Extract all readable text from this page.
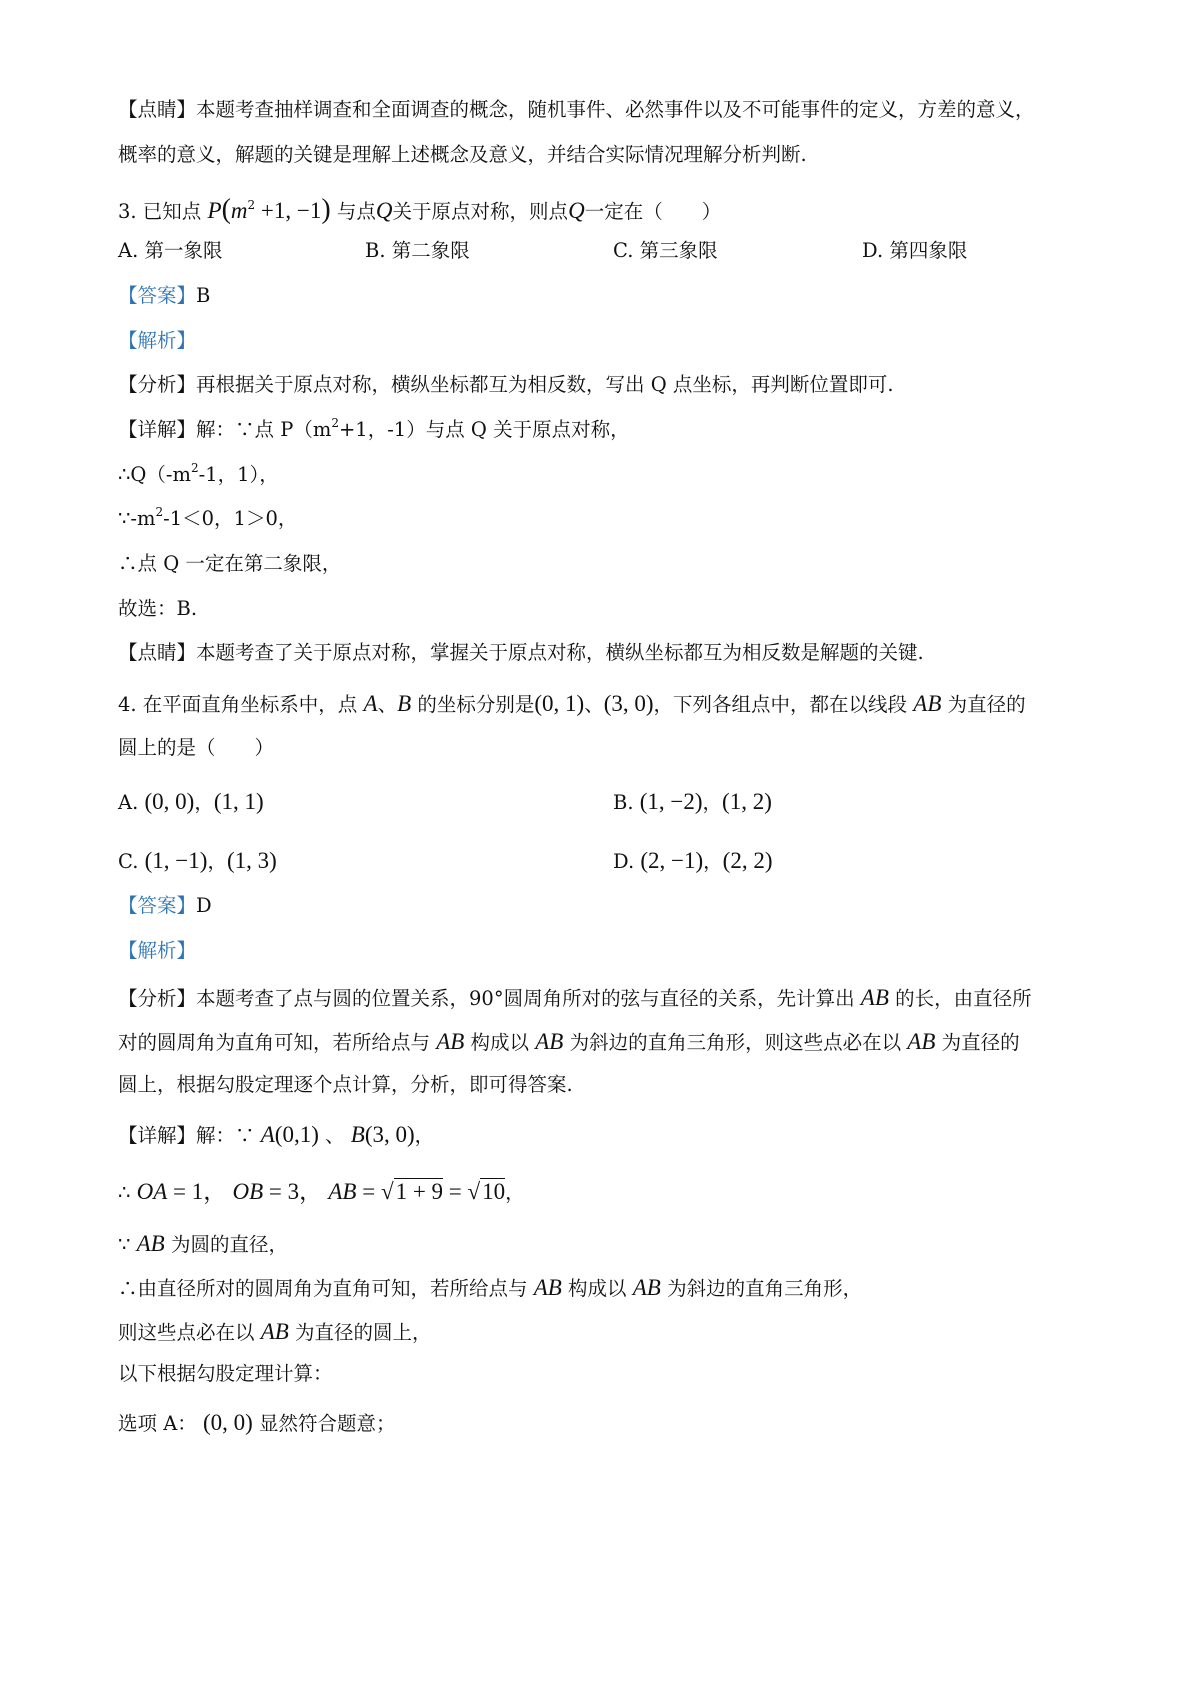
【点睛】本题考查抽样调查和全面调查的概念，随机事件、必然事件以及不可能事件的定义，方差的意义，
概率的意义，解题的关键是理解上述概念及意义，并结合实际情况理解分析判断.
3. 已知点 $P(m^2 +1$, −1) 与点Q关于原点对称，则点Q一定在（　　）
A. 第一象限	B. 第二象限	C. 第三象限	D. 第四象限
【答案】B
【解析】
【分析】再根据关于原点对称，横纵坐标都互为相反数，写出 Q 点坐标，再判断位置即可.
【详解】解：∵点 $P(m^2+1$，-1）与点 Q 关于原点对称，
$\therefore Q(-m^2-1$，1），
$\because-m^2-1<0$，1＞0，
∴点 Q 一定在第二象限，
故选：B.
【点睛】本题考查了关于原点对称，掌握关于原点对称，横纵坐标都互为相反数是解题的关键.
4. 在平面直角坐标系中，点 A、B 的坐标分别是(0, 1)、(3, 0)，下列各组点中，都在以线段 AB 为直径的
圆上的是（　　）
A. (0, 0)，(1, 1)	B. (1, −2)，(1, 2)
C. (1, −1)，(1, 3)	D. (2, −1)，(2, 2)
【答案】D
【解析】
【分析】本题考查了点与圆的位置关系，90°圆周角所对的弦与直径的关系，先计算出 AB 的长，由直径所
对的圆周角为直角可知，若所给点与 AB 构成以 AB 为斜边的直角三角形，则这些点必在以 AB 为直径的
圆上，根据勾股定理逐个点计算，分析，即可得答案.
【详解】解：∵ A(0,1) 、 B(3, 0)，
∴ OA = 1， OB = 3， AB = √1 + 9 = √10，
∵ AB 为圆的直径，
∴由直径所对的圆周角为直角可知，若所给点与 AB 构成以 AB 为斜边的直角三角形，
则这些点必在以 AB 为直径的圆上，
以下根据勾股定理计算：
选项 A： (0, 0) 显然符合题意；
